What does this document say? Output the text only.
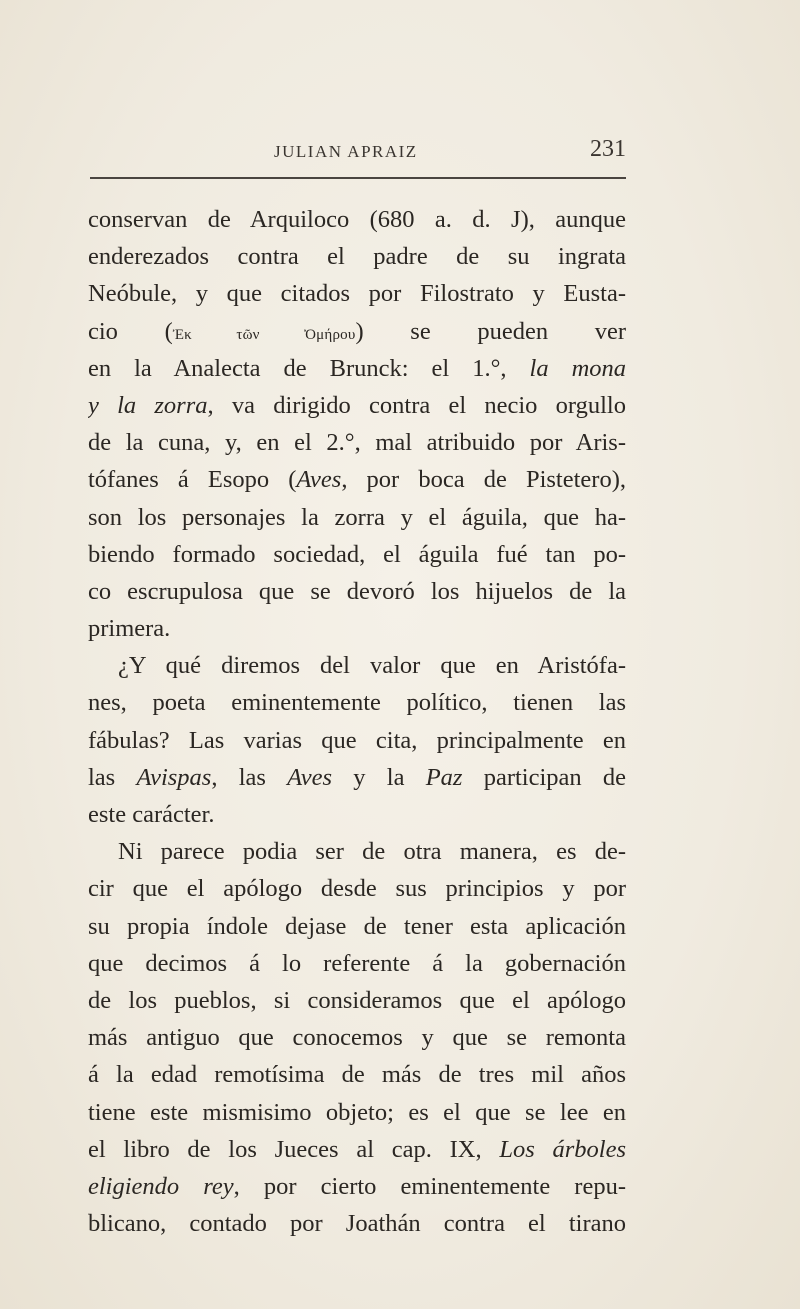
JULIAN APRAIZ	231
conservan de Arquiloco (680 a. d. J), aunque
enderezados contra el padre de su ingrata
Neóbule, y que citados por Filostrato y Eusta-
cio (Ἐκ τῶν Ὀμήρου) se pueden ver
en la Analecta de Brunck: el 1.°, la mona
y la zorra, va dirigido contra el necio orgullo
de la cuna, y, en el 2.°, mal atribuido por Aris-
tófanes á Esopo (Aves, por boca de Pistetero),
son los personajes la zorra y el águila, que ha-
biendo formado sociedad, el águila fué tan po-
co escrupulosa que se devoró los hijuelos de la
primera.
¿Y qué diremos del valor que en Aristófa-
nes, poeta eminentemente político, tienen las
fábulas? Las varias que cita, principalmente en
las Avispas, las Aves y la Paz participan de
este carácter.
Ni parece podia ser de otra manera, es de-
cir que el apólogo desde sus principios y por
su propia índole dejase de tener esta aplicación
que decimos á lo referente á la gobernación
de los pueblos, si consideramos que el apólogo
más antiguo que conocemos y que se remonta
á la edad remotísima de más de tres mil años
tiene este mismisimo objeto; es el que se lee en
el libro de los Jueces al cap. IX, Los árboles
eligiendo rey, por cierto eminentemente repu-
blicano, contado por Joathán contra el tirano
